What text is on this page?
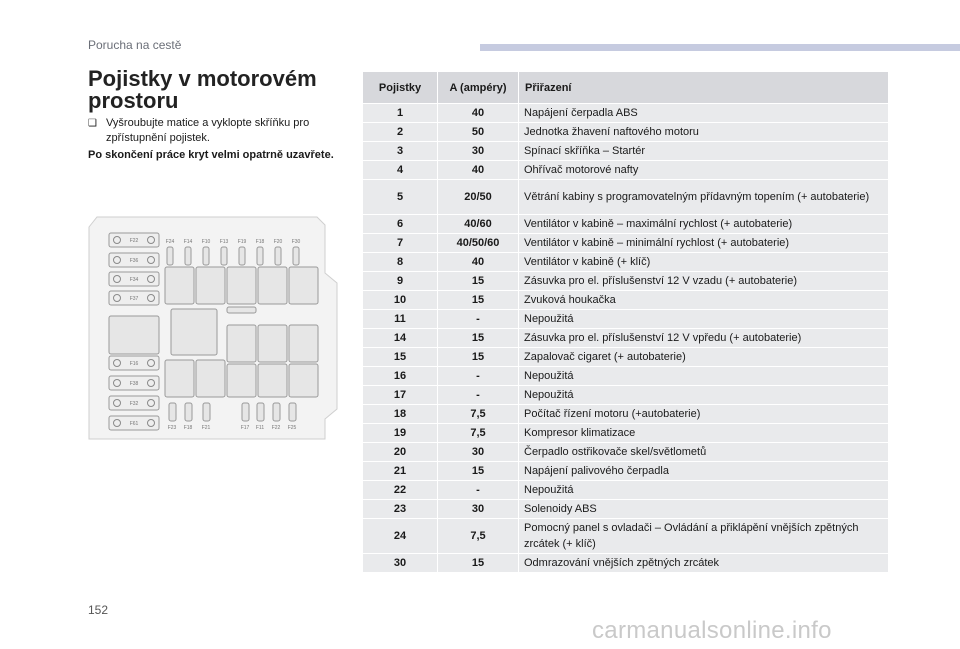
Porucha na cestě
Pojistky v motorovém prostoru
❑ Vyšroubujte matice a vyklopte skříňku pro zpřístupnění pojistek.
Po skončení práce kryt velmi opatrně uzavřete.
F22
F36
F34
F37
F16
F38
F32
F61
F24 F14 F10 F13 F19 F18 F20 F30
F23 F18 F21	F17 F11 F22 F25
Pojistky	A (ampéry)	Přiřazení
1	40	Napájení čerpadla ABS
2	50	Jednotka žhavení naftového motoru
3	30	Spínací skříňka – Startér
4	40	Ohřívač motorové nafty
5	20/50	Větrání kabiny s programovatelným přídavným topením (+ autobaterie)
6	40/60	Ventilátor v kabině – maximální rychlost (+ autobaterie)
7	40/50/60	Ventilátor v kabině – minimální rychlost (+ autobaterie)
8	40	Ventilátor v kabině (+ klíč)
9	15	Zásuvka pro el. příslušenství 12 V vzadu (+ autobaterie)
10	15	Zvuková houkačka
11	-	Nepoužitá
14	15	Zásuvka pro el. příslušenství 12 V vpředu (+ autobaterie)
15	15	Zapalovač cigaret (+ autobaterie)
16	-	Nepoužitá
17	-	Nepoužitá
18	7,5	Počítač řízení motoru (+autobaterie)
19	7,5	Kompresor klimatizace
20	30	Čerpadlo ostřikovače skel/světlometů
21	15	Napájení palivového čerpadla
22	-	Nepoužitá
23	30	Solenoidy ABS
24	7,5	Pomocný panel s ovladači – Ovládání a přiklápění vnějších zpětných zrcátek (+ klíč)
30	15	Odmrazování vnějších zpětných zrcátek
152
carmanualsonline.info
